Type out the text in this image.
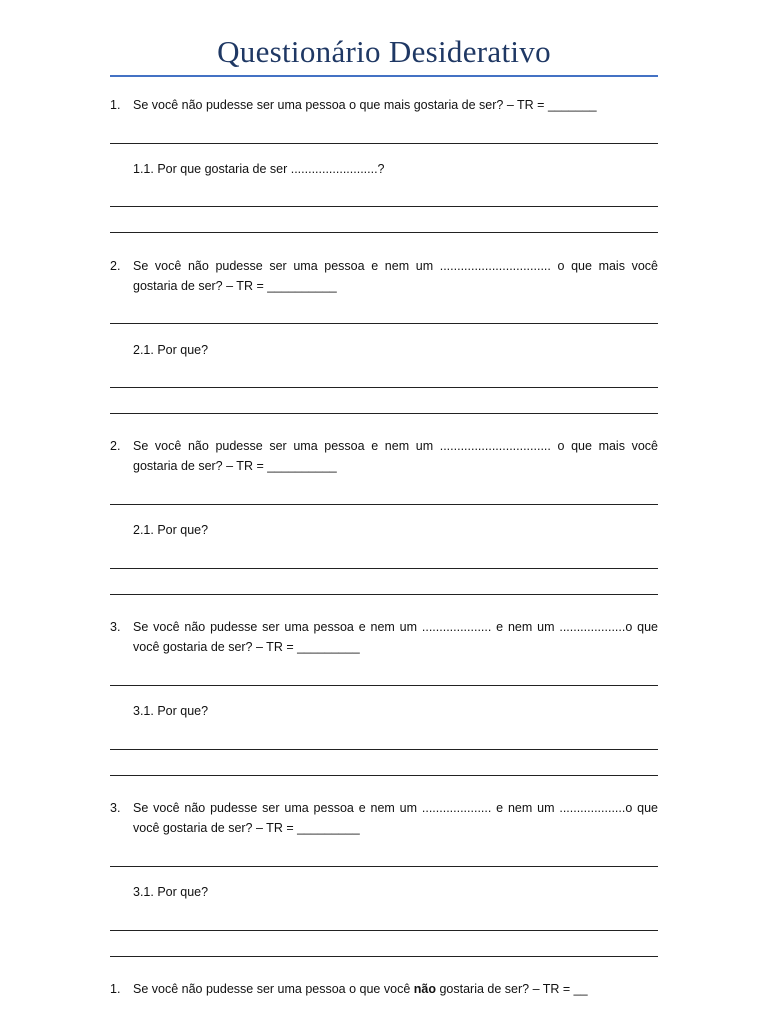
Questionário Desiderativo
1. Se você não pudesse ser uma pessoa o que mais gostaria de ser? – TR = _______
1.1. Por que gostaria de ser .........................?
2. Se você não pudesse ser uma pessoa e nem um ................................ o que mais você gostaria de ser? – TR = __________
2.1. Por que?
2. Se você não pudesse ser uma pessoa e nem um ................................ o que mais você gostaria de ser? – TR = __________
2.1. Por que?
3. Se você não pudesse ser uma pessoa e nem um .................... e nem um ...................o que você gostaria de ser? – TR = _________
3.1. Por que?
3. Se você não pudesse ser uma pessoa e nem um .................... e nem um ...................o que você gostaria de ser? – TR = _________
3.1. Por que?
1. Se você não pudesse ser uma pessoa o que você não gostaria de ser? – TR = __
